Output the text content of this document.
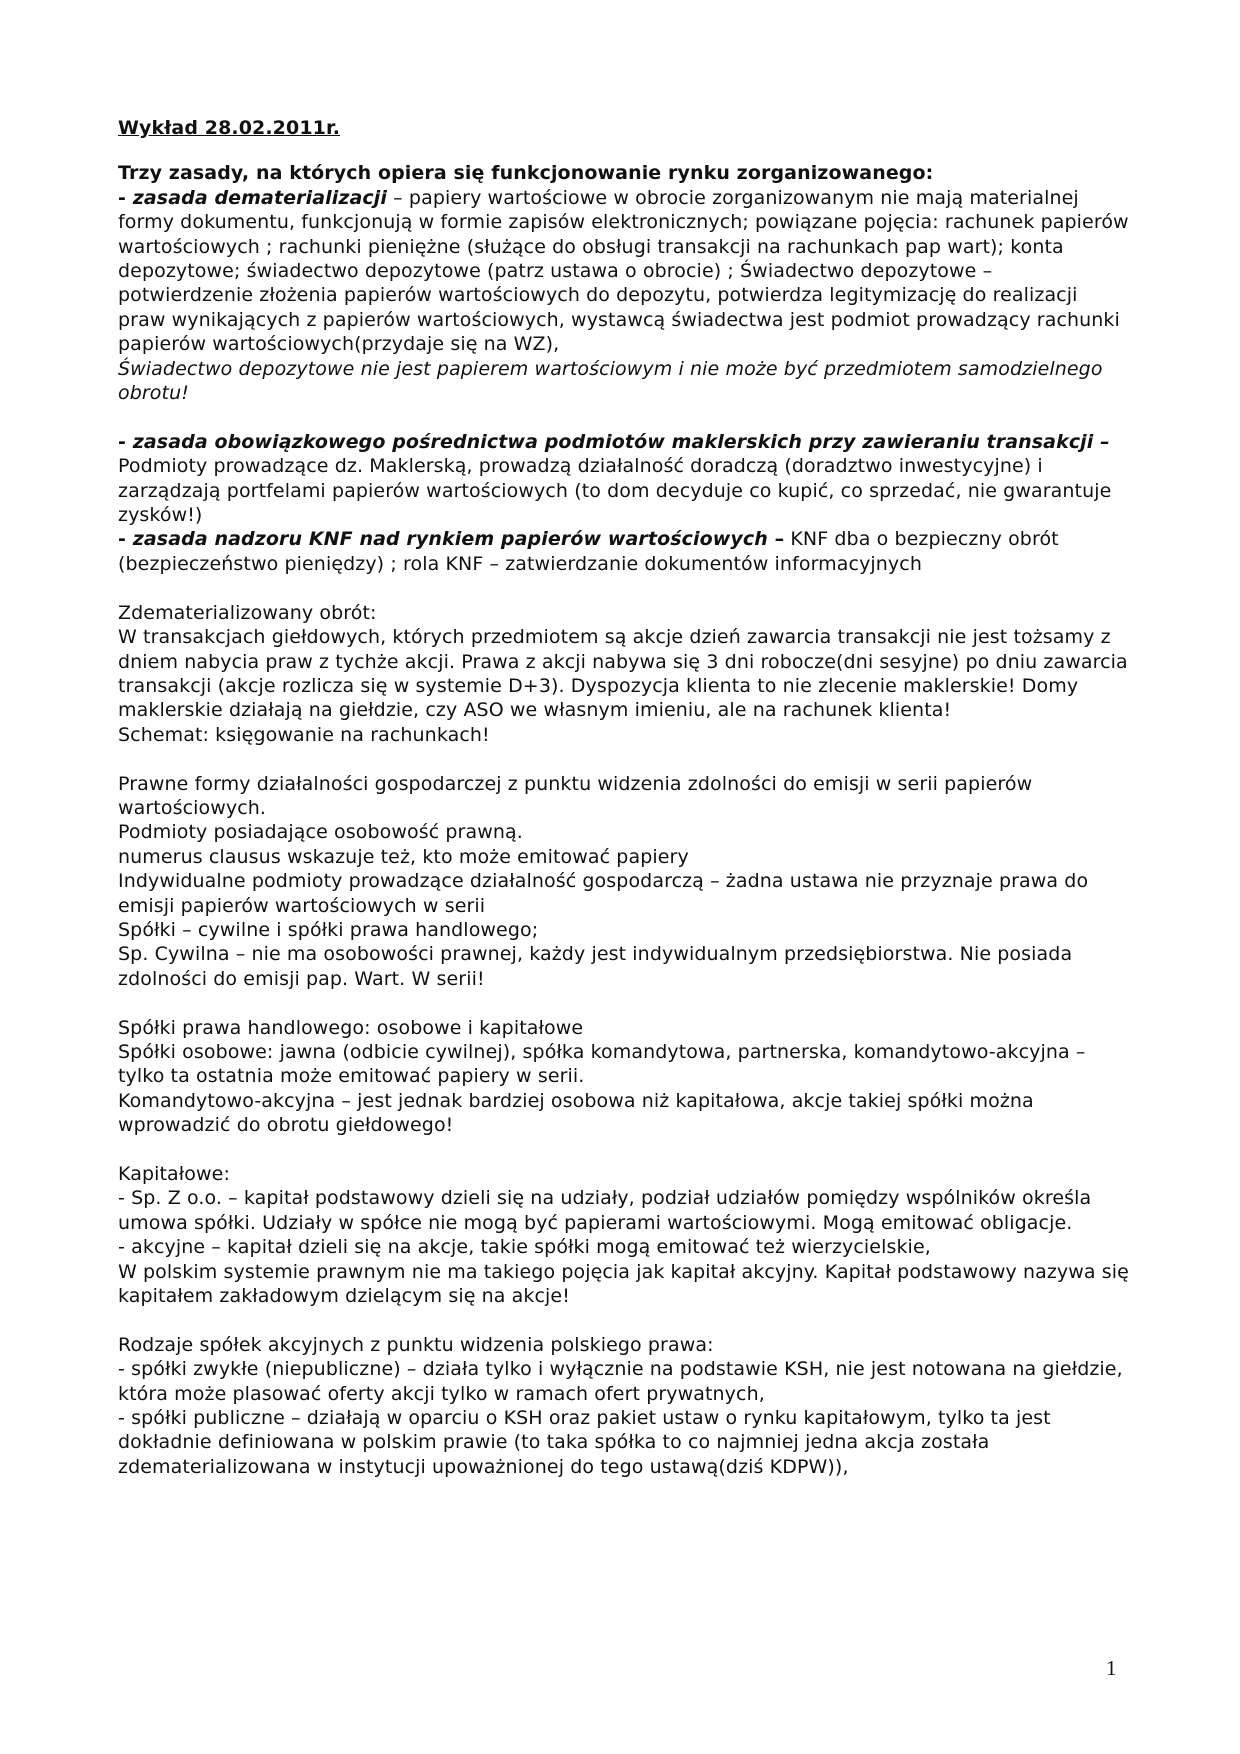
Wykład 28.02.2011r.

Trzy zasady, na których opiera się funkcjonowanie rynku zorganizowanego:

- zasada dematerializacji – papiery wartościowe w obrocie zorganizowanym nie mają materialnej formy dokumentu, funkcjonują w formie zapisów elektronicznych; powiązane pojęcia: rachunek papierów wartościowych ; rachunki pieniężne (służące do obsługi transakcji na rachunkach pap wart); konta depozytowe; świadectwo depozytowe (patrz ustawa o obrocie) ; Świadectwo depozytowe – potwierdzenie złożenia papierów wartościowych do depozytu, potwierdza legitymizację do realizacji praw wynikających z papierów wartościowych, wystawcą świadectwa jest podmiot prowadzący rachunki papierów wartościowych(przydaje się na WZ),

Świadectwo depozytowe nie jest papierem wartościowym i nie może być przedmiotem samodzielnego obrotu!

- zasada obowiązkowego pośrednictwa podmiotów maklerskich przy zawieraniu transakcji –

Podmioty prowadzące dz. Maklerską, prowadzą działalność doradczą (doradztwo inwestycyjne) i zarządzają portfelami papierów wartościowych (to dom decyduje co kupić, co sprzedać, nie gwarantuje zysków!)

- zasada nadzoru KNF nad rynkiem papierów wartościowych – KNF dba o bezpieczny obrót (bezpieczeństwo pieniędzy) ; rola KNF – zatwierdzanie dokumentów informacyjnych

Zdematerializowany obrót:

W transakcjach giełdowych, których przedmiotem są akcje dzień zawarcia transakcji nie jest tożsamy z dniem nabycia praw z tychże akcji. Prawa z akcji nabywa się 3 dni robocze(dni sesyjne) po dniu zawarcia transakcji (akcje rozlicza się w systemie D+3). Dyspozycja klienta to nie zlecenie maklerskie! Domy maklerskie działają na giełdzie, czy ASO we własnym imieniu, ale na rachunek klienta!

Schemat: księgowanie na rachunkach!

Prawne formy działalności gospodarczej z punktu widzenia zdolności do emisji w serii papierów wartościowych.

Podmioty posiadające osobowość prawną.

numerus clausus wskazuje też, kto może emitować papiery

Indywidualne podmioty prowadzące działalność gospodarczą – żadna ustawa nie przyznaje prawa do emisji papierów wartościowych w serii

Spółki – cywilne i spółki prawa handlowego;

Sp. Cywilna – nie ma osobowości prawnej, każdy jest indywidualnym przedsiębiorstwa. Nie posiada zdolności do emisji pap. Wart. W serii!

Spółki prawa handlowego: osobowe i kapitałowe

Spółki osobowe: jawna (odbicie cywilnej), spółka komandytowa, partnerska, komandytowo-akcyjna – tylko ta ostatnia może emitować papiery w serii.

Komandytowo-akcyjna – jest jednak bardziej osobowa niż kapitałowa, akcje takiej spółki można wprowadzić do obrotu giełdowego!

Kapitałowe:

- Sp. Z o.o. – kapitał podstawowy dzieli się na udziały, podział udziałów pomiędzy wspólników określa umowa spółki. Udziały w spółce nie mogą być papierami wartościowymi. Mogą emitować obligacje.

- akcyjne – kapitał dzieli się na akcje, takie spółki mogą emitować też wierzycielskie,

W polskim systemie prawnym nie ma takiego pojęcia jak kapitał akcyjny. Kapitał podstawowy nazywa się kapitałem zakładowym dzielącym się na akcje!

Rodzaje spółek akcyjnych z punktu widzenia polskiego prawa:

- spółki zwykłe (niepubliczne) – działa tylko i wyłącznie na podstawie KSH, nie jest notowana na giełdzie, która może plasować oferty akcji tylko w ramach ofert prywatnych,

- spółki publiczne – działają w oparciu o KSH oraz pakiet ustaw o rynku kapitałowym, tylko ta jest dokładnie definiowana w polskim prawie (to taka spółka to co najmniej jedna akcja została zdematerializowana w instytucji upoważnionej do tego ustawą(dziś KDPW)),

1
